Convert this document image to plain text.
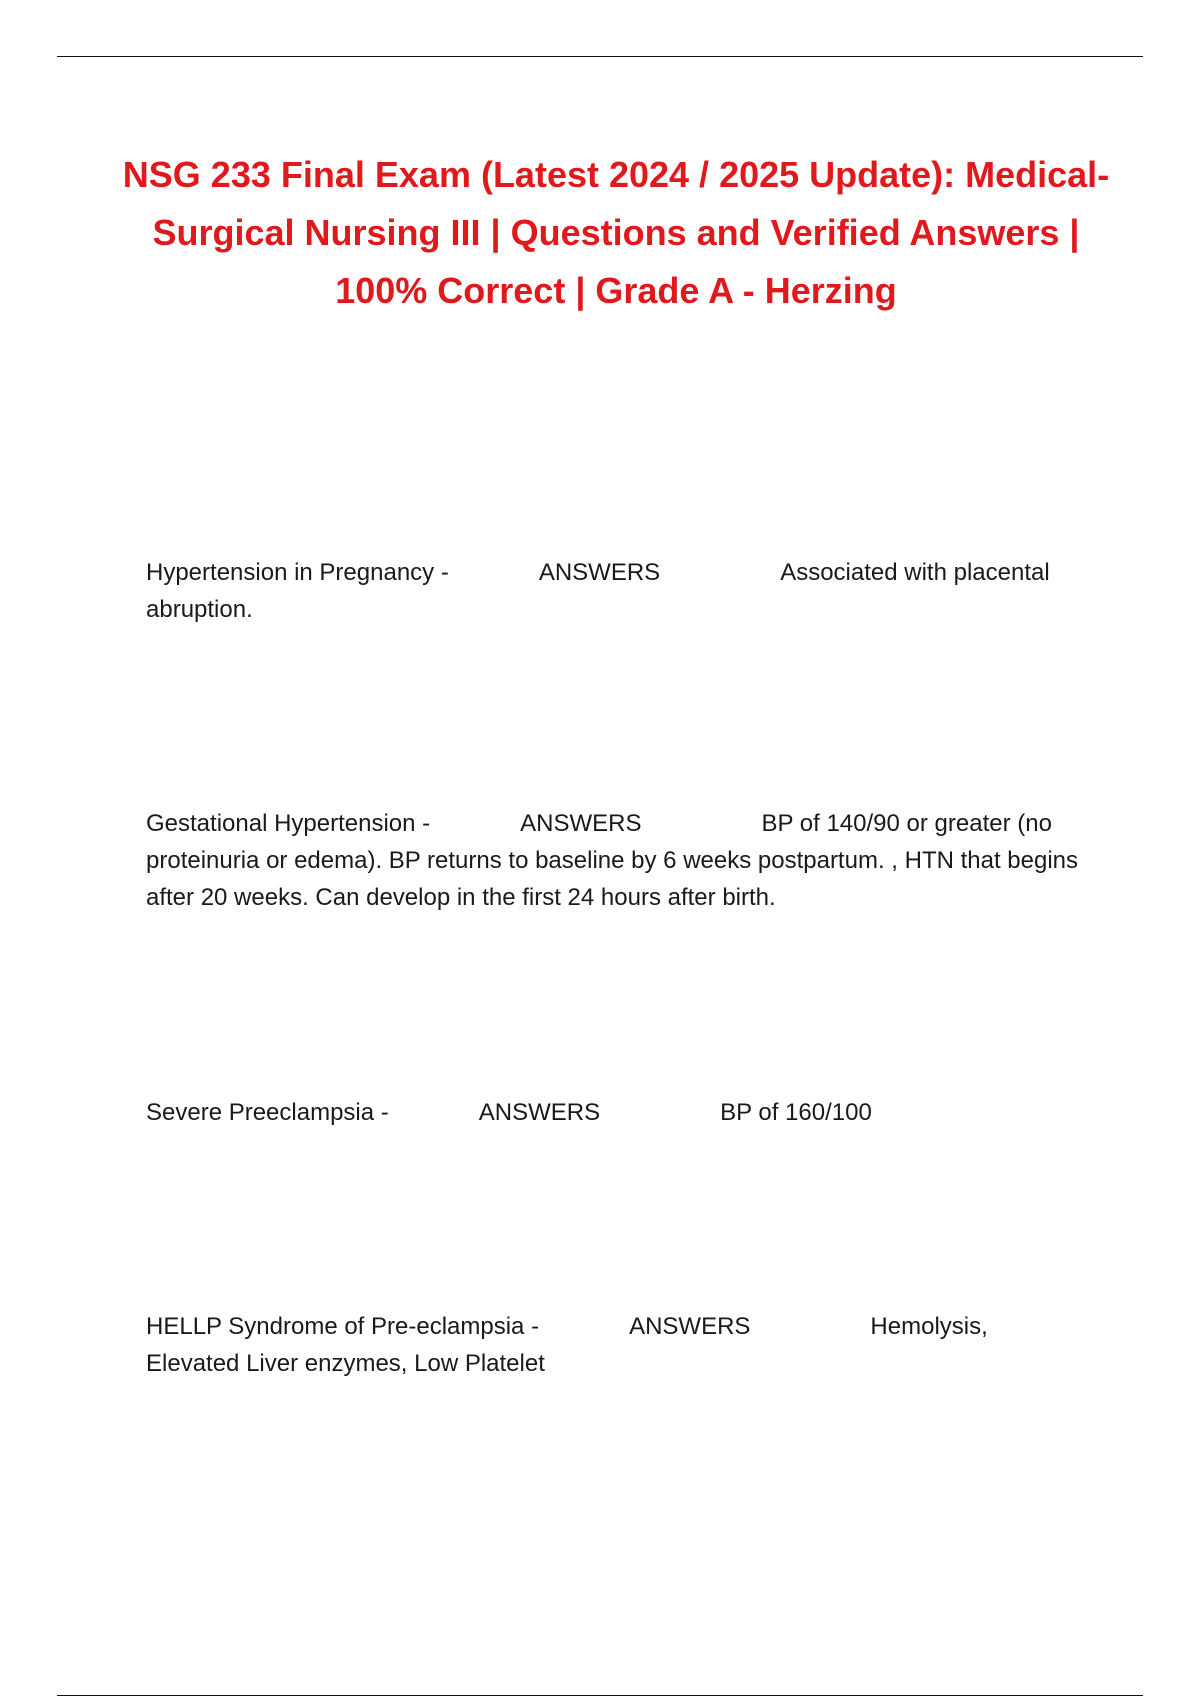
NSG 233 Final Exam (Latest 2024 / 2025 Update): Medical-Surgical Nursing III | Questions and Verified Answers | 100% Correct | Grade A - Herzing

Hypertension in Pregnancy -	ANSWERS	Associated with placental abruption.

Gestational Hypertension -	ANSWERS	BP of 140/90 or greater (no proteinuria or edema). BP returns to baseline by 6 weeks postpartum. , HTN that begins after 20 weeks. Can develop in the first 24 hours after birth.

Severe Preeclampsia -	ANSWERS	BP of 160/100

HELLP Syndrome of Pre-eclampsia -	ANSWERS	Hemolysis, Elevated Liver enzymes, Low Platelet
